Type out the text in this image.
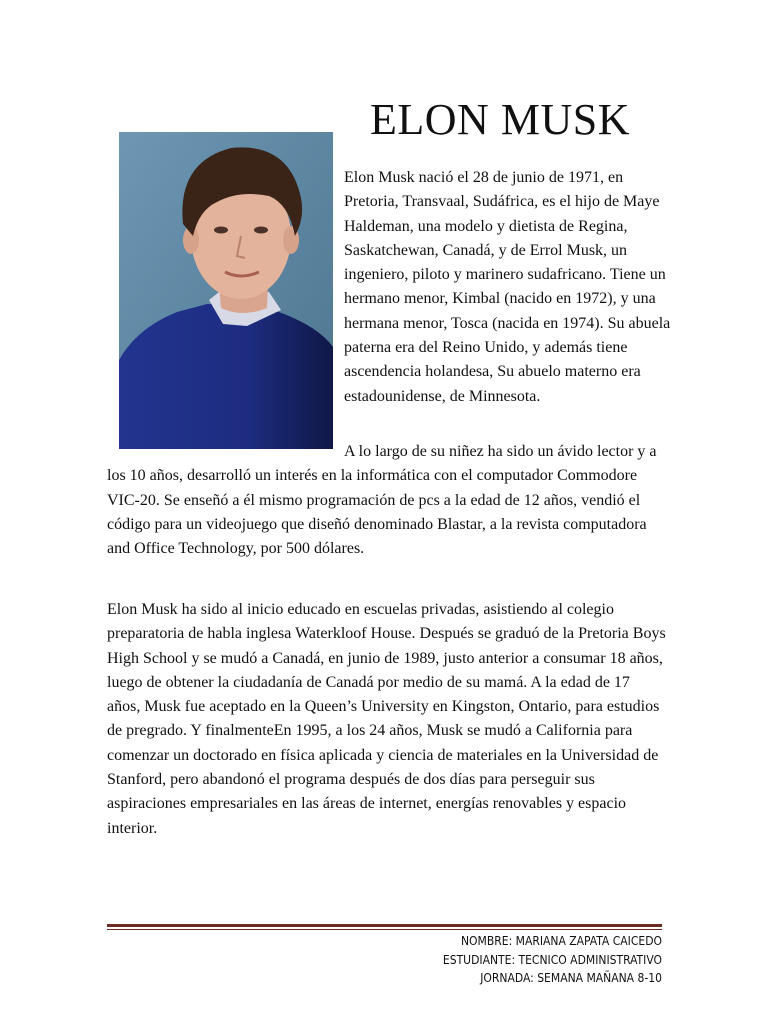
ELON MUSK

Elon Musk nació el 28 de junio de 1971, en Pretoria, Transvaal, Sudáfrica, es el hijo de Maye Haldeman, una modelo y dietista de Regina, Saskatchewan, Canadá, y de Errol Musk, un ingeniero, piloto y marinero sudafricano. Tiene un hermano menor, Kimbal (nacido en 1972), y una hermana menor, Tosca (nacida en 1974). Su abuela paterna era del Reino Unido, y además tiene ascendencia holandesa, Su abuelo materno era estadounidense, de Minnesota.

A lo largo de su niñez ha sido un ávido lector y a los 10 años, desarrolló un interés en la informática con el computador Commodore VIC-20. Se enseñó a él mismo programación de pcs a la edad de 12 años, vendió el código para un videojuego que diseñó denominado Blastar, a la revista computadora and Office Technology, por 500 dólares.

Elon Musk ha sido al inicio educado en escuelas privadas, asistiendo al colegio preparatoria de habla inglesa Waterkloof House. Después se graduó de la Pretoria Boys High School y se mudó a Canadá, en junio de 1989, justo anterior a consumar 18 años, luego de obtener la ciudadanía de Canadá por medio de su mamá. A la edad de 17 años, Musk fue aceptado en la Queen’s University en Kingston, Ontario, para estudios de pregrado. Y finalmenteEn 1995, a los 24 años, Musk se mudó a California para comenzar un doctorado en física aplicada y ciencia de materiales en la Universidad de Stanford, pero abandonó el programa después de dos días para perseguir sus aspiraciones empresariales en las áreas de internet, energías renovables y espacio interior.

NOMBRE: MARIANA ZAPATA CAICEDO
ESTUDIANTE: TECNICO ADMINISTRATIVO
JORNADA: SEMANA MAÑANA 8-10
